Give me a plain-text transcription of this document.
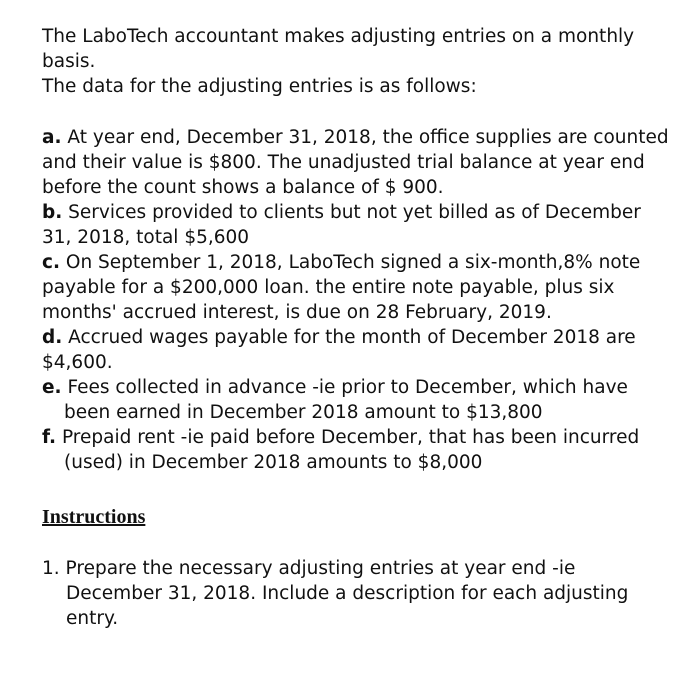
The LaboTech accountant makes adjusting entries on a monthly basis.

The data for the adjusting entries is as follows:

a. At year end, December 31, 2018, the office supplies are counted and their value is $800. The unadjusted trial balance at year end before the count shows a balance of $ 900.

b. Services provided to clients but not yet billed as of December 31, 2018, total $5,600

c. On September 1, 2018, LaboTech signed a six-month,8% note payable for a $200,000 loan. the entire note payable, plus six months' accrued interest, is due on 28 February, 2019.

d. Accrued wages payable for the month of December 2018 are $4,600.

e. Fees collected in advance -ie prior to December, which have been earned in December 2018 amount to $13,800

f. Prepaid rent -ie paid before December, that has been incurred (used) in December 2018 amounts to $8,000

Instructions

1. Prepare the necessary adjusting entries at year end -ie December 31, 2018. Include a description for each adjusting entry.
